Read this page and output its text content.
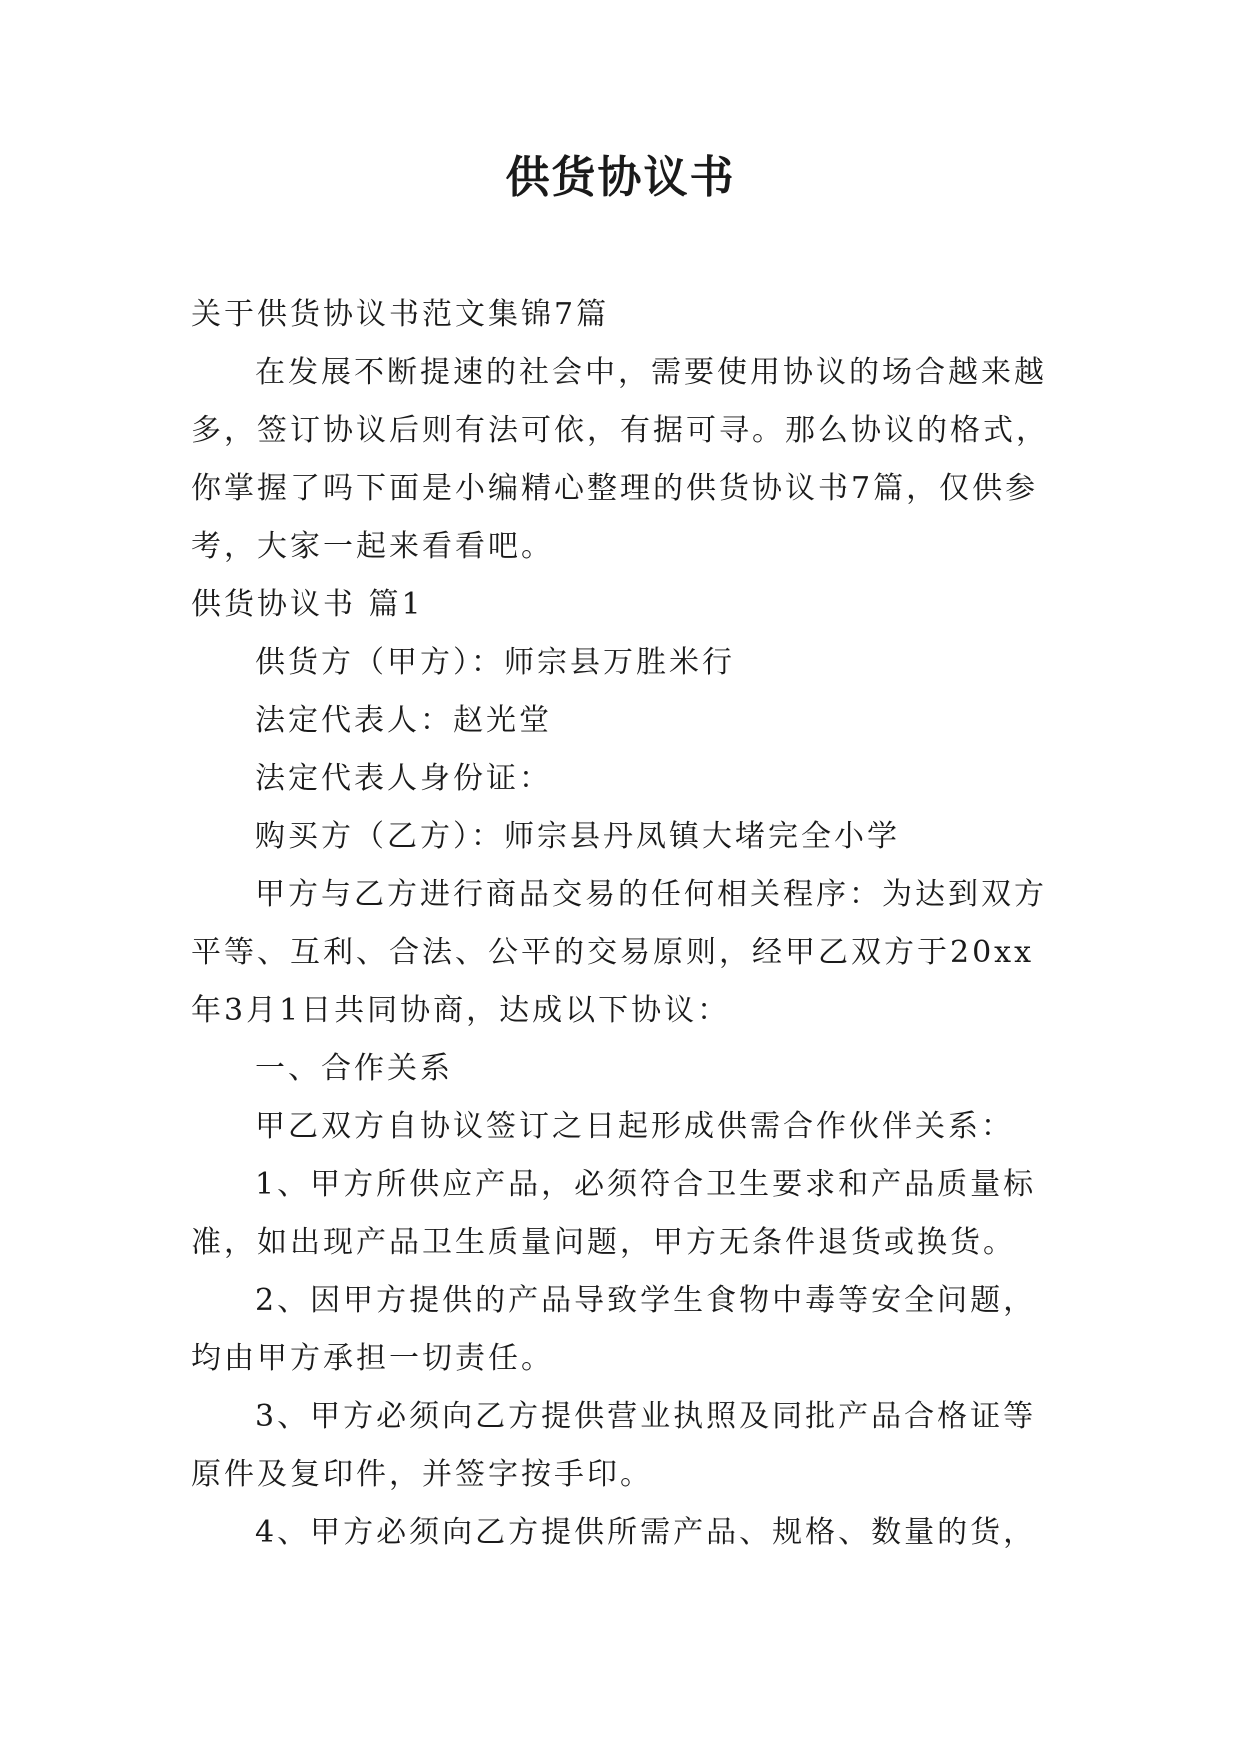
供货协议书
关于供货协议书范文集锦7篇
在发展不断提速的社会中，需要使用协议的场合越来越
多，签订协议后则有法可依，有据可寻。那么协议的格式，
你掌握了吗下面是小编精心整理的供货协议书7篇，仅供参
考，大家一起来看看吧。
供货协议书 篇1
供货方（甲方）：师宗县万胜米行
法定代表人：赵光堂
法定代表人身份证：
购买方（乙方）：师宗县丹凤镇大堵完全小学
甲方与乙方进行商品交易的任何相关程序：为达到双方
平等、互利、合法、公平的交易原则，经甲乙双方于20xx
年3月1日共同协商，达成以下协议：
一、合作关系
甲乙双方自协议签订之日起形成供需合作伙伴关系：
1、甲方所供应产品，必须符合卫生要求和产品质量标
准，如出现产品卫生质量问题，甲方无条件退货或换货。
2、因甲方提供的产品导致学生食物中毒等安全问题，
均由甲方承担一切责任。
3、甲方必须向乙方提供营业执照及同批产品合格证等
原件及复印件，并签字按手印。
4、甲方必须向乙方提供所需产品、规格、数量的货，
